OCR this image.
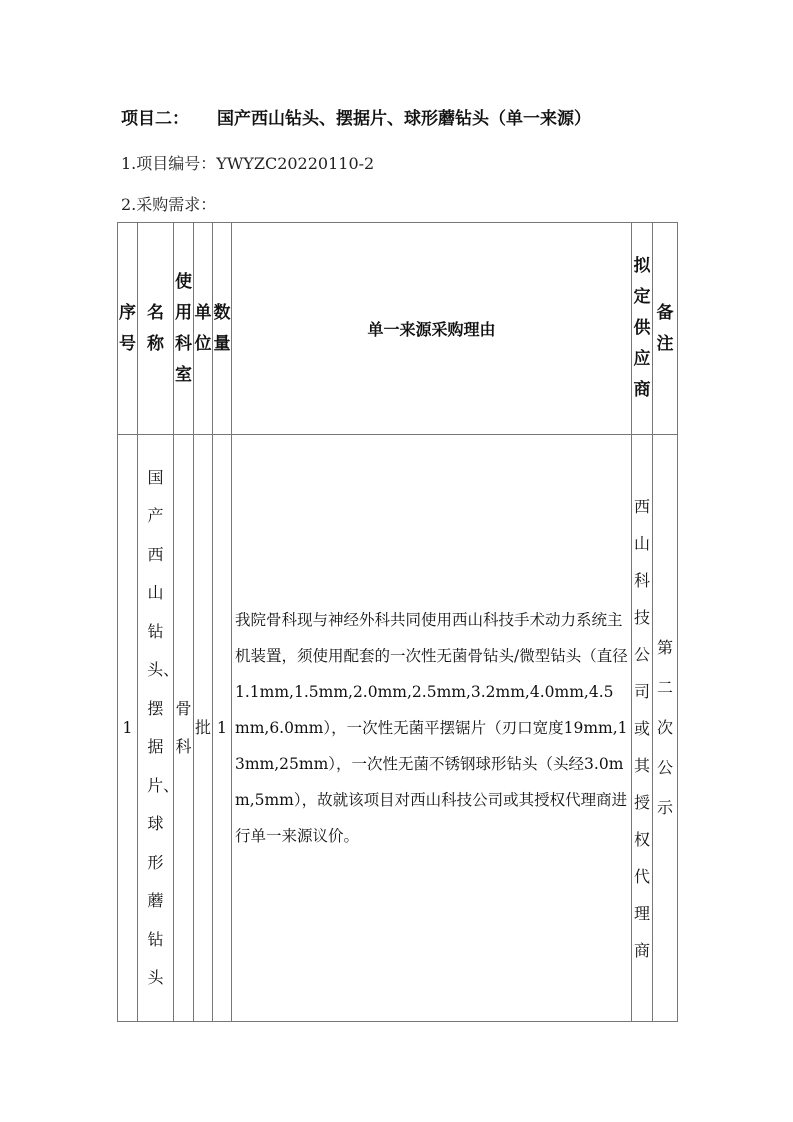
项目二： 国产西山钻头、摆据片、球形蘑钻头（单一来源）
1.项目编号：YWYZC20220110-2
2.采购需求：
序号	名称	使用科室	单位	数量	单一来源采购理由	拟定供应商	备注

1	国产西山钻头、摆据片、球形蘑钻头	骨科	批	1	我院骨科现与神经外科共同使用西山科技手术动力系统主机装置，须使用配套的一次性无菌骨钻头/微型钻头（直径1.1mm,1.5mm,2.0mm,2.5mm,3.2mm,4.0mm,4.5mm,6.0mm），一次性无菌平摆锯片（刃口宽度19mm,13mm,25mm），一次性无菌不锈钢球形钻头（头经3.0mm,5mm），故就该项目对西山科技公司或其授权代理商进行单一来源议价。	西山科技公司或其授权代理商	第二次公示
